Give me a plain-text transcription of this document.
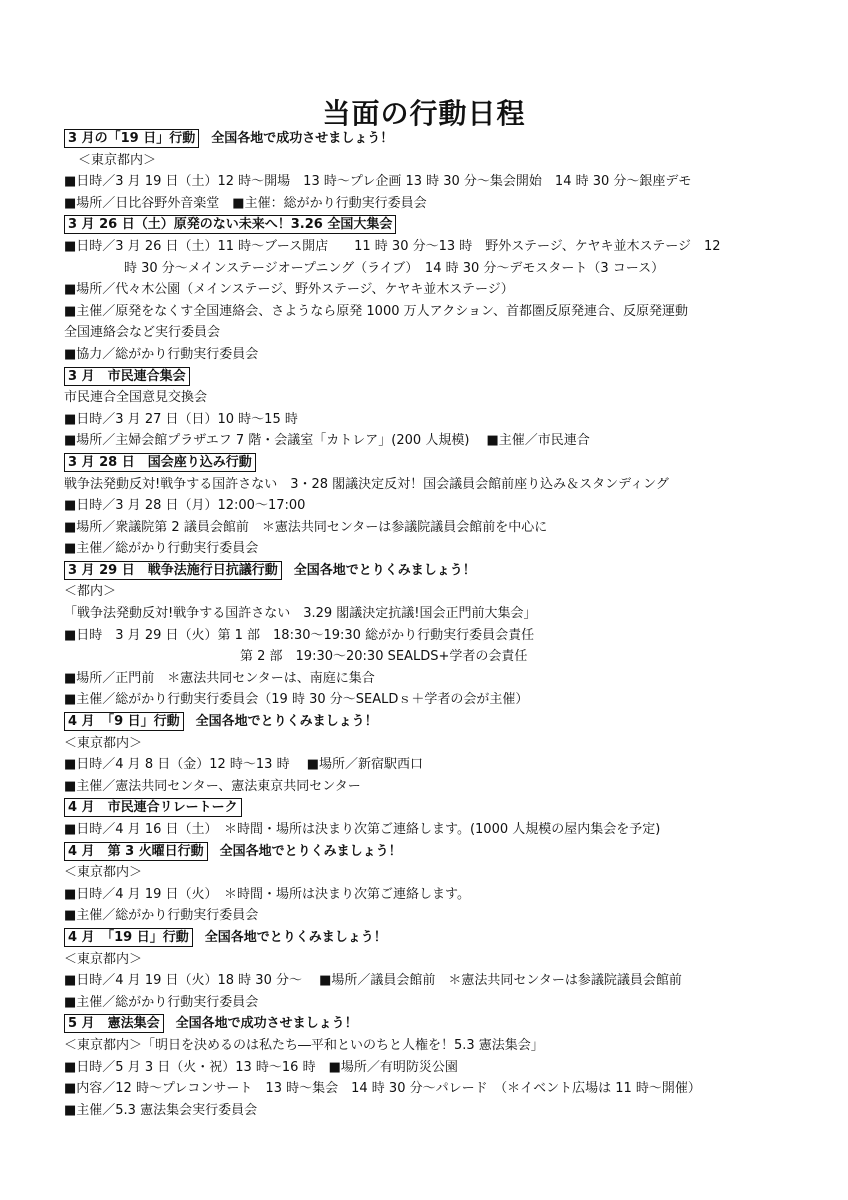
当面の行動日程
3 月の「19 日」行動 全国各地で成功させましょう！
＜東京都内＞
■日時／3 月 19 日（土）12 時〜開場　13 時〜プレ企画 13 時 30 分〜集会開始　14 時 30 分〜銀座デモ
■場所／日比谷野外音楽堂　■主催：総がかり行動実行委員会
3 月 26 日（土）原発のない未来へ！3.26 全国大集会
■日時／3 月 26 日（土）11 時〜ブース開店　　11 時 30 分〜13 時　野外ステージ、ケヤキ並木ステージ　12
時 30 分〜メインステージオープニング（ライブ）　14 時 30 分〜デモスタート（3 コース）
■場所／代々木公園（メインステージ、野外ステージ、ケヤキ並木ステージ）
■主催／原発をなくす全国連絡会、さようなら原発 1000 万人アクション、首都圏反原発連合、反原発運動
全国連絡会など実行委員会
■協力／総がかり行動実行委員会
3 月　市民連合集会
市民連合全国意見交換会
■日時／3 月 27 日（日）10 時〜15 時
■場所／主婦会館プラザエフ 7 階・会議室「カトレア」(200 人規模)　 ■主催／市民連合
3 月 28 日　国会座り込み行動
戦争法発動反対!戦争する国許さない　3・28 閣議決定反対！国会議員会館前座り込み＆スタンディング
■日時／3 月 28 日（月）12:00〜17:00
■場所／衆議院第 2 議員会館前　＊憲法共同センターは参議院議員会館前を中心に
■主催／総がかり行動実行委員会
3 月 29 日　戦争法施行日抗議行動 全国各地でとりくみましょう！
＜都内＞
「戦争法発動反対!戦争する国許さない　3.29 閣議決定抗議!国会正門前大集会」
■日時　3 月 29 日（火）第 1 部　18:30〜19:30 総がかり行動実行委員会責任
第 2 部　19:30〜20:30 SEALDS+学者の会責任
■場所／正門前　＊憲法共同センターは、南庭に集合
■主催／総がかり行動実行委員会（19 時 30 分〜SEALDｓ＋学者の会が主催）
4 月　「9 日」行動 全国各地でとりくみましょう！
＜東京都内＞
■日時／4 月 8 日（金）12 時〜13 時　 ■場所／新宿駅西口
■主催／憲法共同センター、憲法東京共同センター
4 月　市民連合リレートーク
■日時／4 月 16 日（土）　＊時間・場所は決まり次第ご連絡します。(1000 人規模の屋内集会を予定)
4 月　第 3 火曜日行動 全国各地でとりくみましょう！
＜東京都内＞
■日時／4 月 19 日（火）　＊時間・場所は決まり次第ご連絡します。
■主催／総がかり行動実行委員会
4 月　「19 日」行動 全国各地でとりくみましょう！
＜東京都内＞
■日時／4 月 19 日（火）18 時 30 分〜　 ■場所／議員会館前　＊憲法共同センターは参議院議員会館前
■主催／総がかり行動実行委員会
5 月　憲法集会 全国各地で成功させましょう！
＜東京都内＞「明日を決めるのは私たち―平和といのちと人権を！5.3 憲法集会」
■日時／5 月 3 日（火・祝）13 時〜16 時　■場所／有明防災公園
■内容／12 時〜プレコンサート　13 時〜集会　14 時 30 分〜パレード　（＊イベント広場は 11 時〜開催）
■主催／5.3 憲法集会実行委員会
